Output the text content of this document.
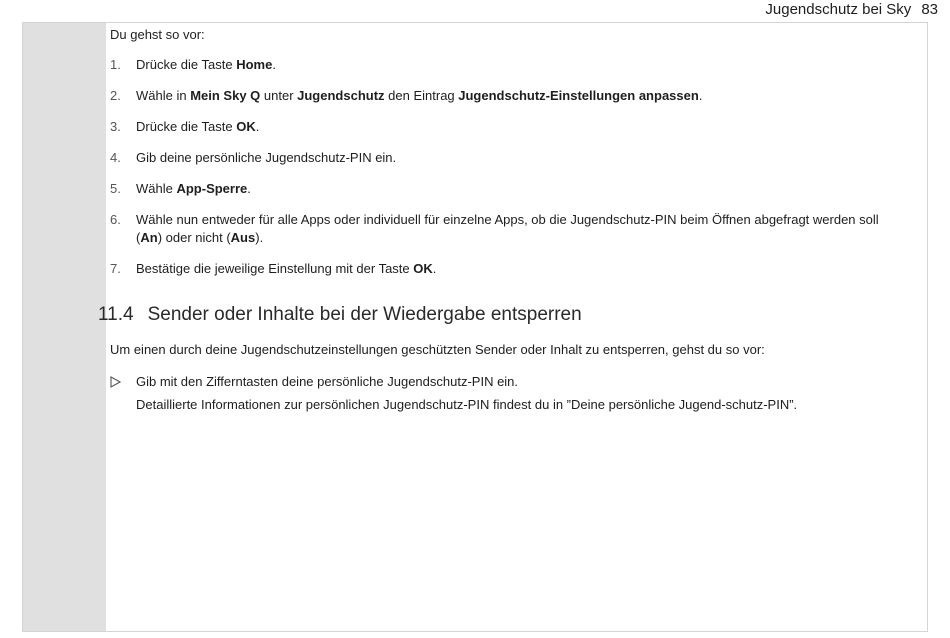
Jugendschutz bei Sky 83

Du gehst so vor:

1. Drücke die Taste Home.
2. Wähle in Mein Sky Q unter Jugendschutz den Eintrag Jugendschutz-Einstellungen anpassen.
3. Drücke die Taste OK.
4. Gib deine persönliche Jugendschutz-PIN ein.
5. Wähle App-Sperre.
6. Wähle nun entweder für alle Apps oder individuell für einzelne Apps, ob die Jugendschutz-PIN beim Öffnen abgefragt werden soll (An) oder nicht (Aus).
7. Bestätige die jeweilige Einstellung mit der Taste OK.
11.4 Sender oder Inhalte bei der Wiedergabe entsperren

Um einen durch deine Jugendschutzeinstellungen geschützten Sender oder Inhalt zu entsperren, gehst du so vor:

Gib mit den Zifferntasten deine persönliche Jugendschutz-PIN ein.
Detaillierte Informationen zur persönlichen Jugendschutz-PIN findest du in ”Deine persönliche Jugend-schutz-PIN”.
